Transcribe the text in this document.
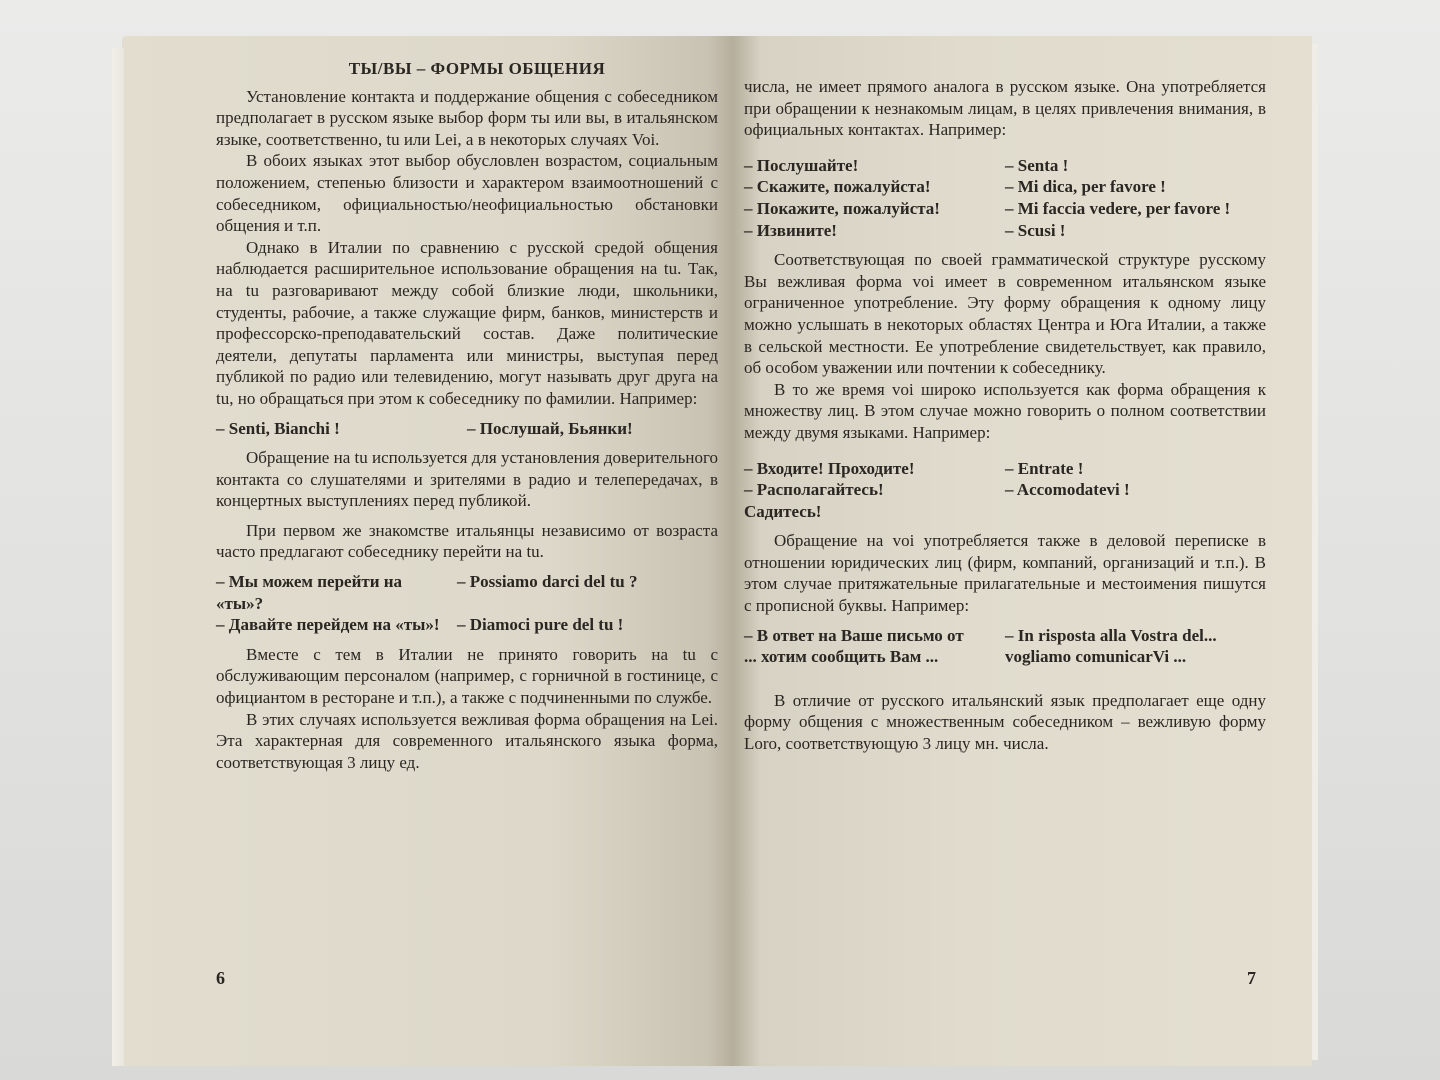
ТЫ/ВЫ – ФОРМЫ ОБЩЕНИЯ

Установление контакта и поддержание общения с собеседником предполагает в русском языке выбор форм ты или вы, в итальянском языке, соответственно, tu или Lei, а в некоторых случаях Voi.

В обоих языках этот выбор обусловлен возрастом, социальным положением, степенью близости и характером взаимоотношений с собеседником, официальностью/неофициальностью обстановки общения и т.п.

Однако в Италии по сравнению с русской средой общения наблюдается расширительное использование обращения на tu. Так, на tu разговаривают между собой близкие люди, школьники, студенты, рабочие, а также служащие фирм, банков, министерств и профессорско-преподавательский состав. Даже политические деятели, депутаты парламента или министры, выступая перед публикой по радио или телевидению, могут называть друг друга на tu, но обращаться при этом к собеседнику по фамилии. Например:

– Senti, Bianchi !	– Послушай, Бьянки!

Обращение на tu используется для установления доверительного контакта со слушателями и зрителями в радио и телепередачах, в концертных выступлениях перед публикой.

При первом же знакомстве итальянцы независимо от возраста часто предлагают собеседнику перейти на tu.

– Мы можем перейти на «ты»?	– Possiamo darci del tu ?
– Давайте перейдем на «ты»!	– Diamoci pure del tu !

Вместе с тем в Италии не принято говорить на tu с обслуживающим персоналом (например, с горничной в гостинице, с официантом в ресторане и т.п.), а также с подчиненными по службе.

В этих случаях используется вежливая форма обращения на Lei. Эта характерная для современного итальянского языка форма, соответствующая 3 лицу ед.

6

числа, не имеет прямого аналога в русском языке. Она употребляется при обращении к незнакомым лицам, в целях привлечения внимания, в официальных контактах. Например:

– Послушайте!	– Senta !
– Скажите, пожалуйста!	– Mi dica, per favore !
– Покажите, пожалуйста!	– Mi faccia vedere, per favore !
– Извините!	– Scusi !

Соответствующая по своей грамматической структуре русскому Вы вежливая форма voi имеет в современном итальянском языке ограниченное употребление. Эту форму обращения к одному лицу можно услышать в некоторых областях Центра и Юга Италии, а также в сельской местности. Ее употребление свидетельствует, как правило, об особом уважении или почтении к собеседнику.

В то же время voi широко используется как форма обращения к множеству лиц. В этом случае можно говорить о полном соответствии между двумя языками. Например:

– Входите! Проходите!	– Entrate !
– Располагайтесь! Садитесь!	– Accomodatevi !

Обращение на voi употребляется также в деловой переписке в отношении юридических лиц (фирм, компаний, организаций и т.п.). В этом случае притяжательные прилагательные и местоимения пишутся с прописной буквы. Например:

– В ответ на Ваше письмо от ... хотим сообщить Вам ...	– In risposta alla Vostra del... vogliamo comunicarVi ...

В отличие от русского итальянский язык предполагает еще одну форму общения с множественным собеседником – вежливую форму Loro, соответствующую 3 лицу мн. числа.

7
